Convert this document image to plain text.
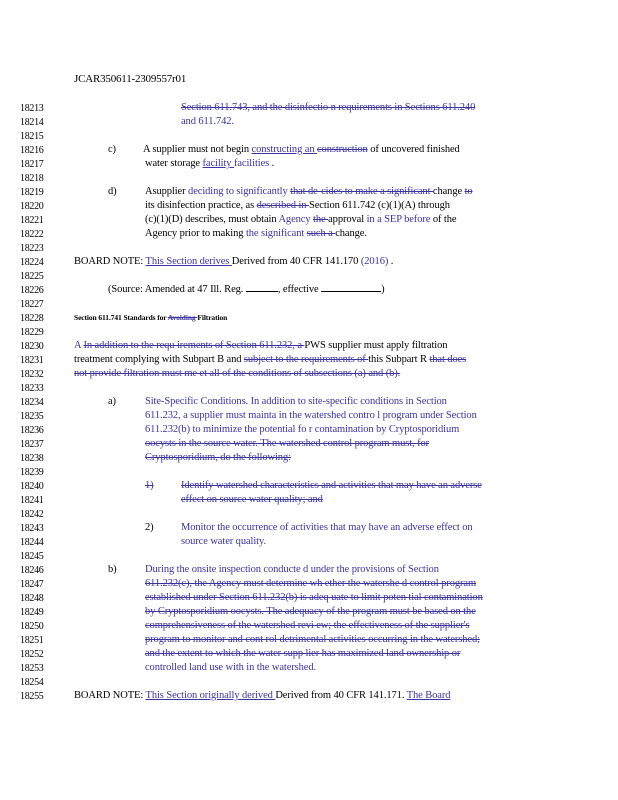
JCAR350611-2309557r01
18213
18214
18215
18216
18217
18218
18219
18220
18221
18222
18223
18224
18225
18226
18227
18228
18229
18230
18231
18232
18233
18234
18235
18236
18237
18238
18239
18240
18241
18242
18243
18244
18245
18246
18247
18248
18249
18250
18251
18252
18253
18254
18255
Section 611.743, and the disinfectio n requirements in Sections 611.240
and 611.742.
c)	A supplier must not begin constructing an construction of uncovered finished
water storage facility facilities .
d)	Asupplier deciding to significantly that de-cides to make a significant change to
its disinfection practice, as described in Section 611.742 (c)(1)(A) through
(c)(1)(D) describes, must obtain Agency the approval in a SEP before of the
Agency prior to making the significant such a change.
BOARD NOTE: This Section derives Derived from 40 CFR 141.170 (2016) .
(Source: Amended at 47 Ill. Reg.	, effective	)
Section 611.741 Standards for Avoiding Filtration
A In addition to the requ irements of Section 611.232, a PWS supplier must apply filtration
treatment complying with Subpart B and subject to the requirements of this Subpart R that does
not provide filtration must me et all of the conditions of subsections (a) and (b).
a)	Site-Specific Conditions. In addition to site-specific conditions in Section
611.232, a supplier must mainta in the watershed contro l program under Section
611.232(b) to minimize the potential fo r contamination by Cryptosporidium
oocysts in the source water. The watershed control program must, for
Cryptosporidium, do the following:
1)	Identify watershed characteristics and activities that may have an adverse
effect on source water quality; and
2)	Monitor the occurrence of activities that may have an adverse effect on
source water quality.
b)	During the onsite inspection conducte d under the provisions of Section
611.232(c), the Agency must determine wh ether the watershe d control program
established under Section 611.232(b) is adeq uate to limit poten tial contamination
by Cryptosporidium oocysts. The adequacy of the program must be based on the
comprehensiveness of the watershed revi ew; the effectiveness of the supplier's
program to monitor and cont rol detrimental activities occurring in the watershed;
and the extent to which the water supp lier has maximized land ownership or
controlled land use with in the watershed.
BOARD NOTE: This Section originally derived Derived from 40 CFR 141.171. The Board
